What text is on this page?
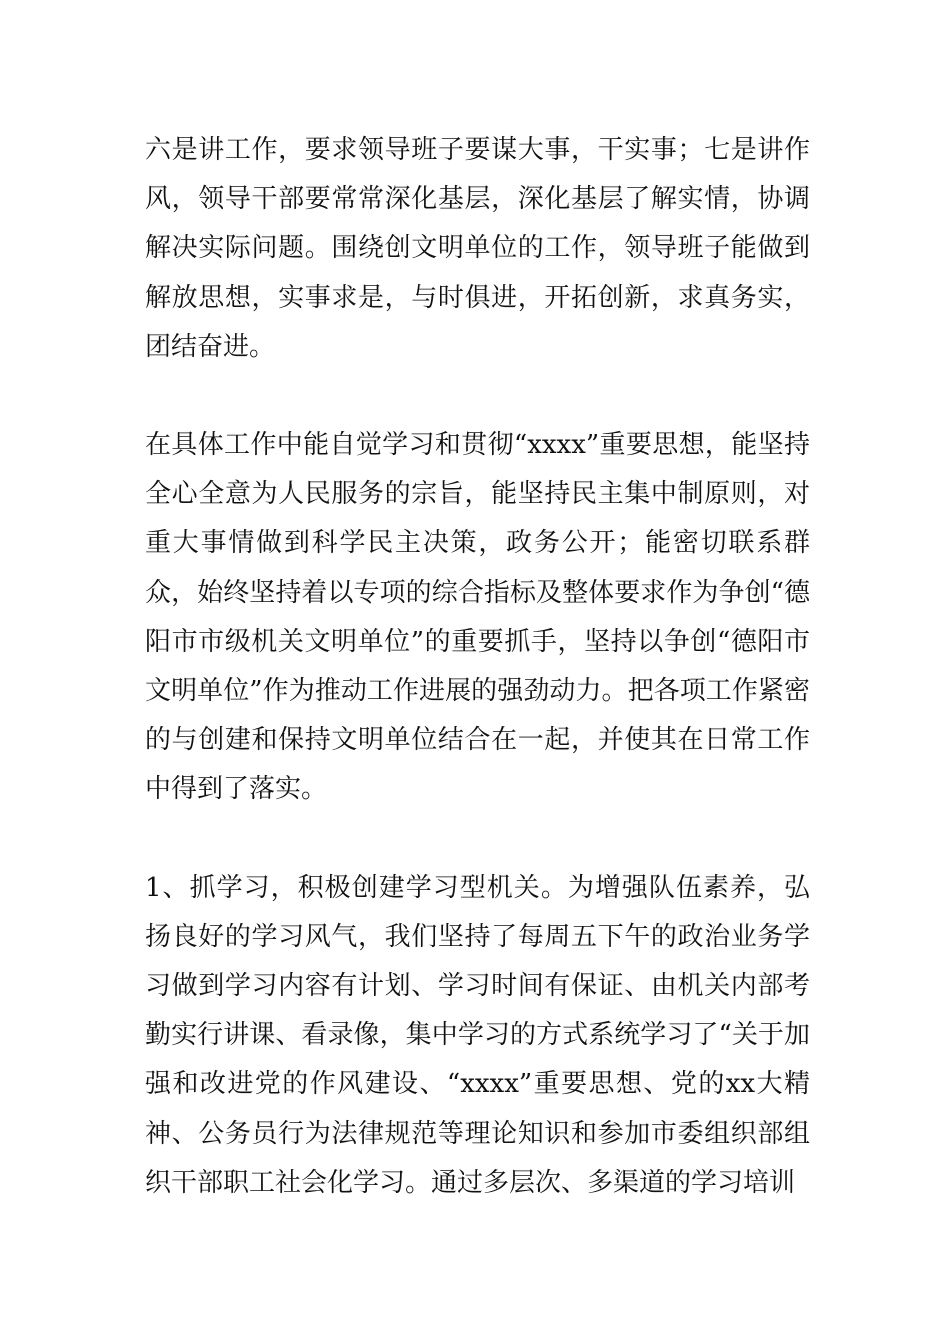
六是讲工作，要求领导班子要谋大事，干实事；七是讲作风，领导干部要常常深化基层，深化基层了解实情，协调解决实际问题。围绕创文明单位的工作，领导班子能做到解放思想，实事求是，与时俱进，开拓创新，求真务实，团结奋进。

在具体工作中能自觉学习和贯彻“xxxx”重要思想，能坚持全心全意为人民服务的宗旨，能坚持民主集中制原则，对重大事情做到科学民主决策，政务公开；能密切联系群众，始终坚持着以专项的综合指标及整体要求作为争创“德阳市市级机关文明单位”的重要抓手，坚持以争创“德阳市文明单位”作为推动工作进展的强劲动力。把各项工作紧密的与创建和保持文明单位结合在一起，并使其在日常工作中得到了落实。

1、抓学习，积极创建学习型机关。为增强队伍素养，弘扬良好的学习风气，我们坚持了每周五下午的政治业务学习做到学习内容有计划、学习时间有保证、由机关内部考勤实行讲课、看录像，集中学习的方式系统学习了“关于加强和改进党的作风建设、“xxxx”重要思想、党的xx大精神、公务员行为法律规范等理论知识和参加市委组织部组织干部职工社会化学习。通过多层次、多渠道的学习培训
